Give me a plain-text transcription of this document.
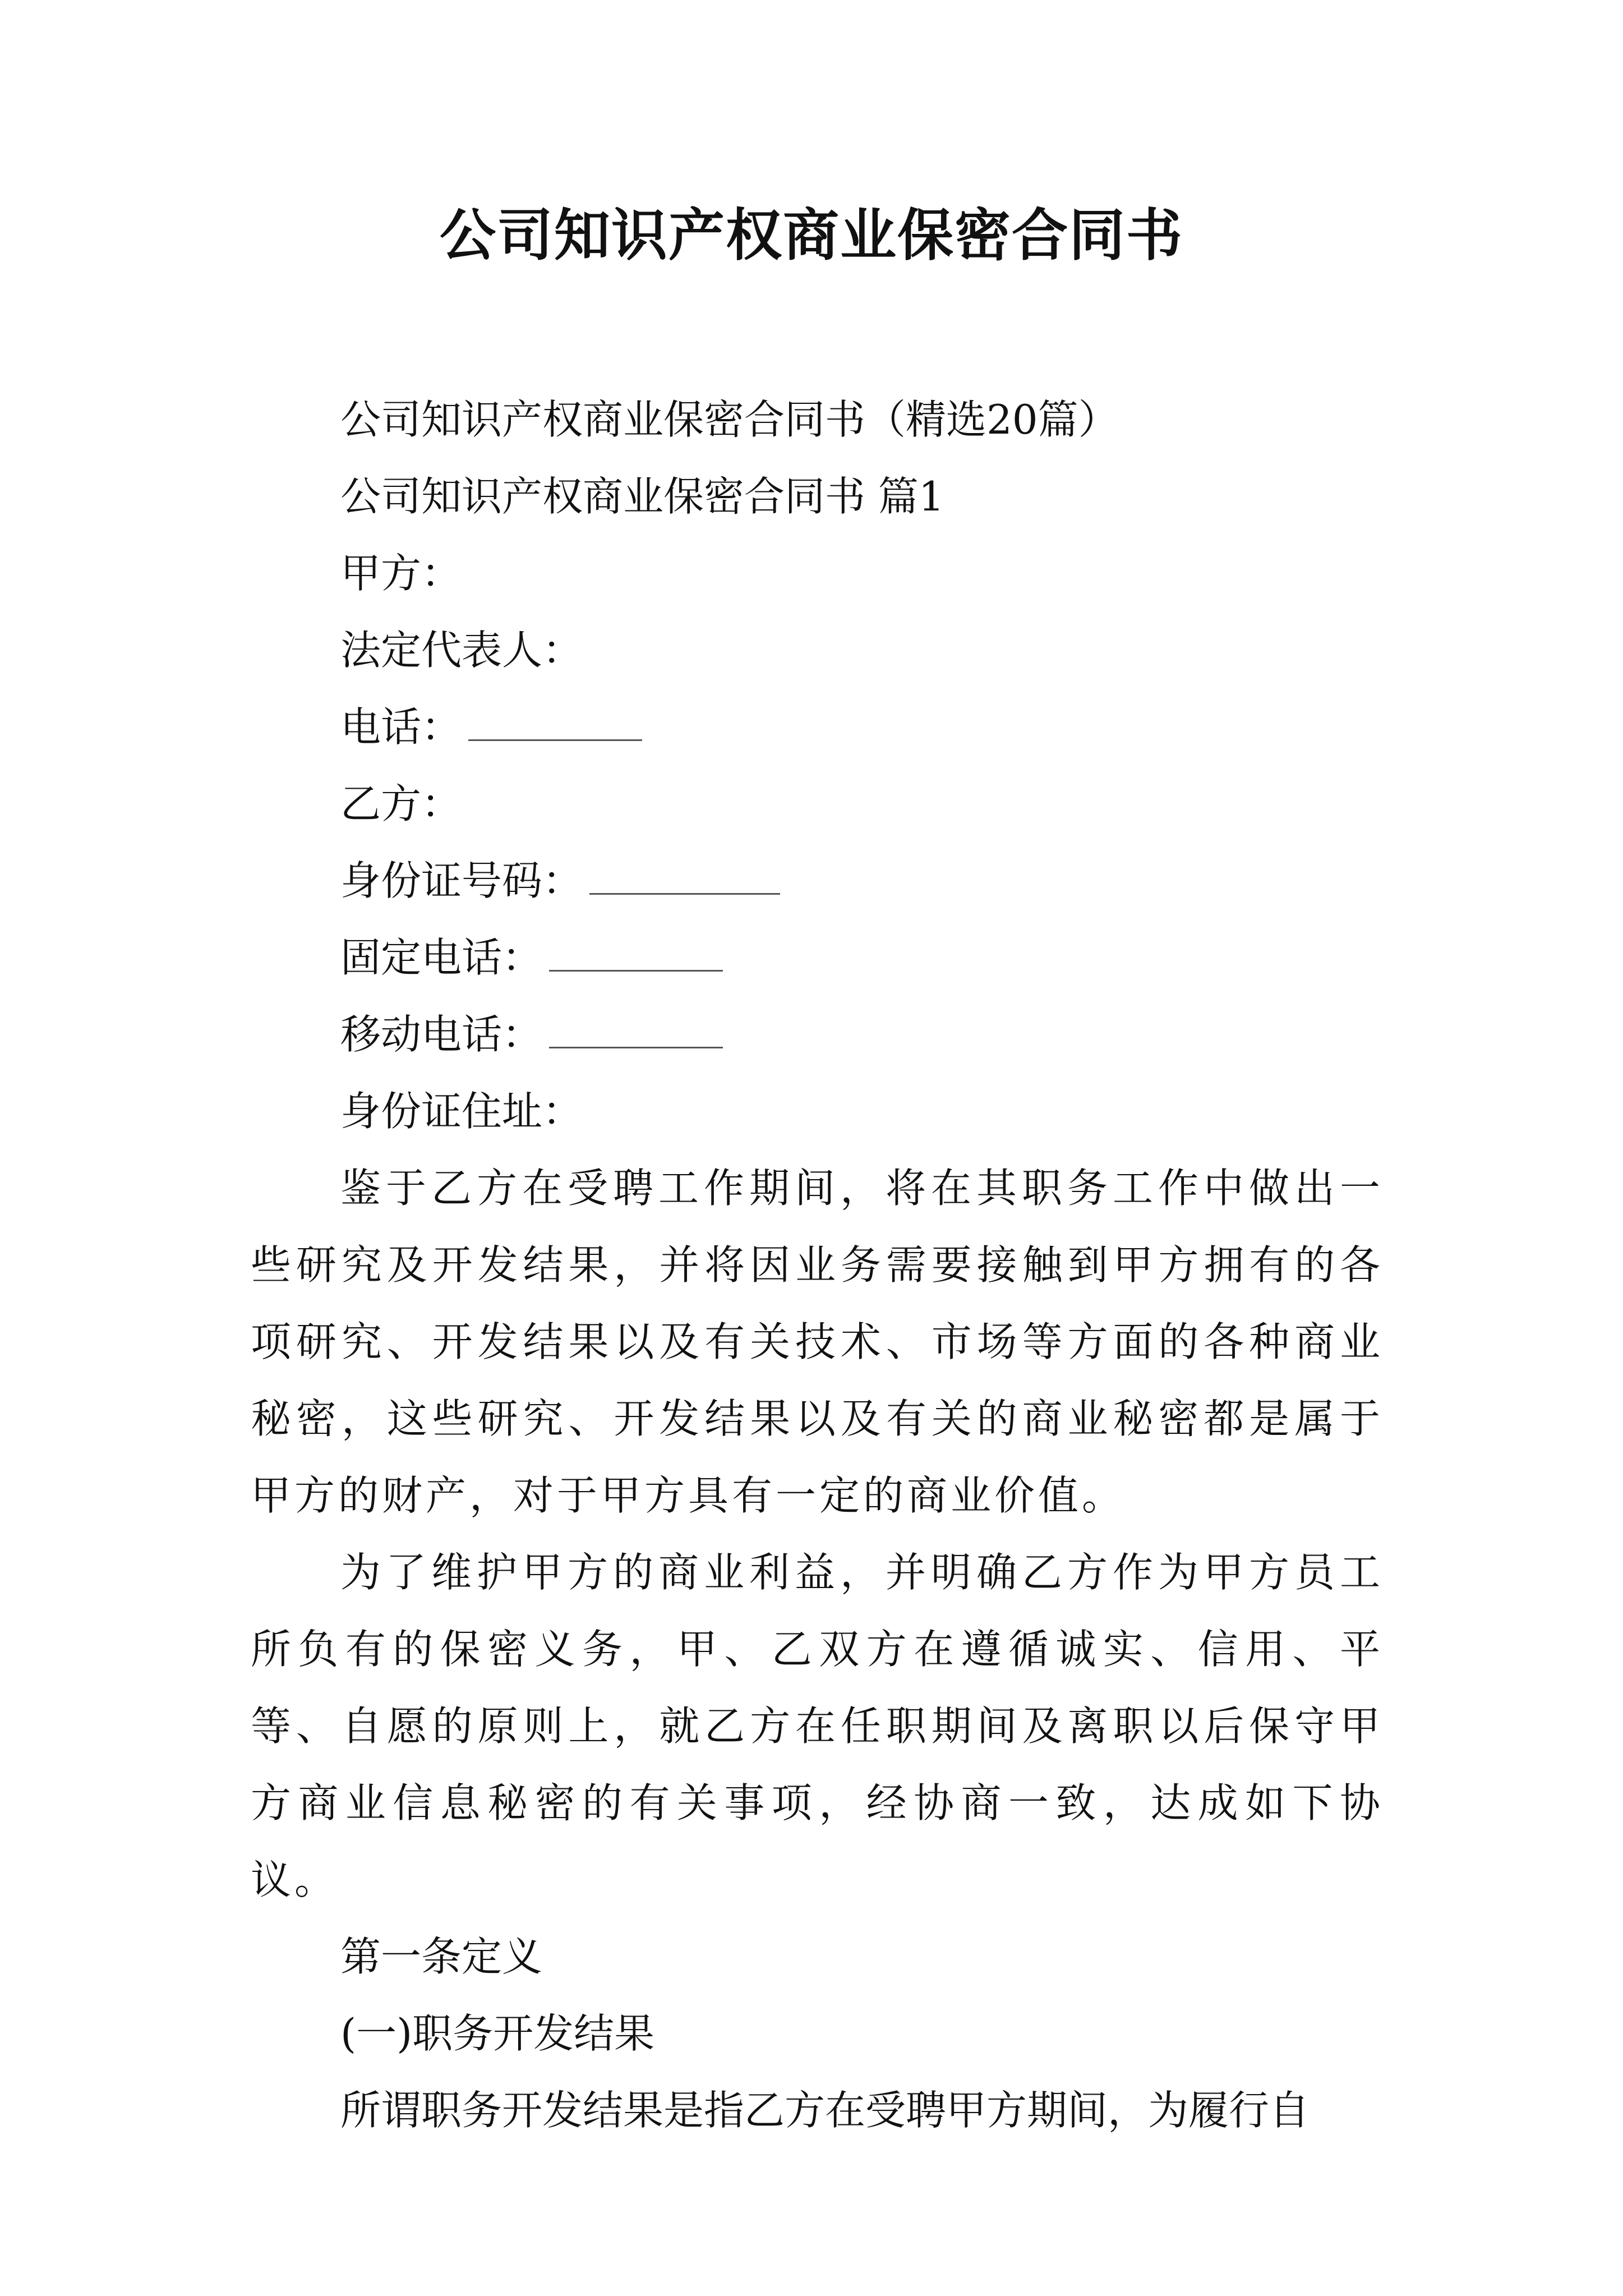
公司知识产权商业保密合同书
公司知识产权商业保密合同书（精选20篇）
公司知识产权商业保密合同书 篇1
甲方：
法定代表人：
电话：
乙方：
身份证号码：
固定电话：
移动电话：
身份证住址：
鉴于乙方在受聘工作期间，将在其职务工作中做出一些研究及开发结果，并将因业务需要接触到甲方拥有的各项研究、开发结果以及有关技术、市场等方面的各种商业秘密，这些研究、开发结果以及有关的商业秘密都是属于甲方的财产，对于甲方具有一定的商业价值。
为了维护甲方的商业利益，并明确乙方作为甲方员工所负有的保密义务，甲、乙双方在遵循诚实、信用、平等、自愿的原则上，就乙方在任职期间及离职以后保守甲方商业信息秘密的有关事项，经协商一致，达成如下协议。
第一条定义
(一)职务开发结果
所谓职务开发结果是指乙方在受聘甲方期间，为履行自
